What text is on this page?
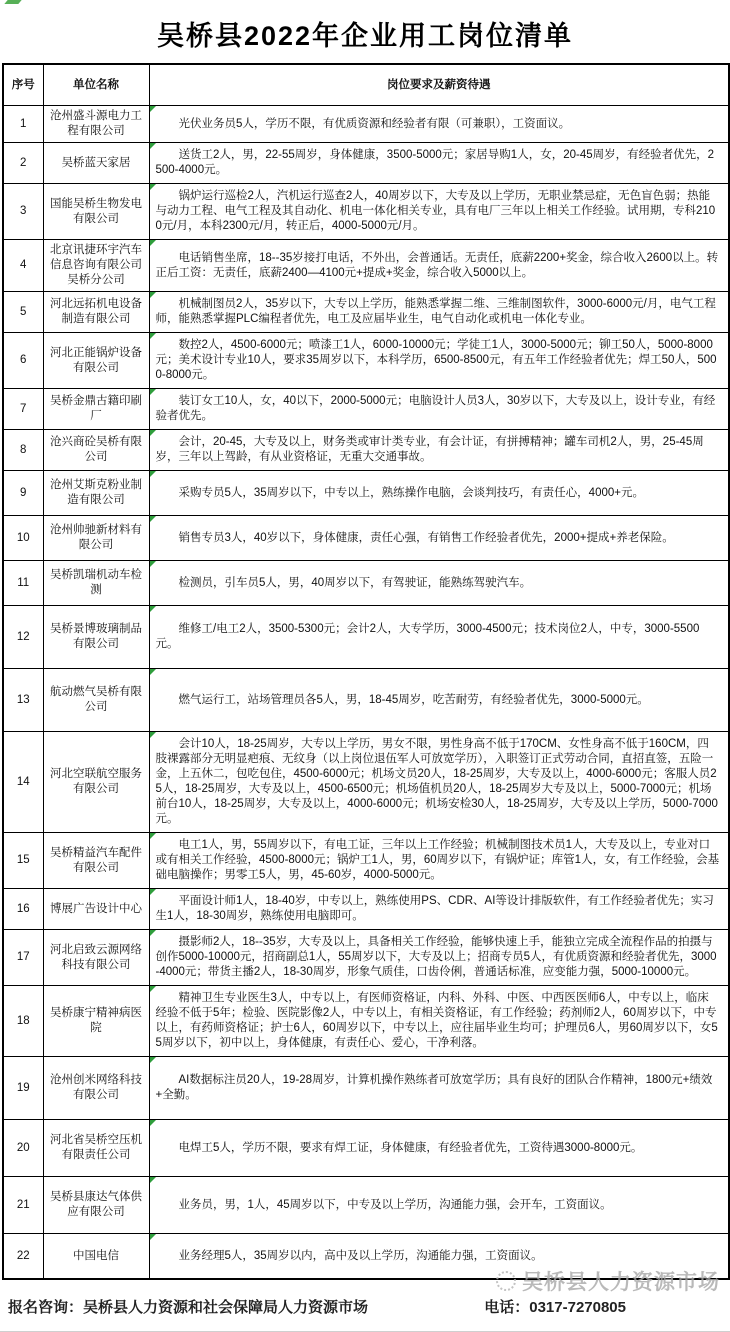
吴桥县2022年企业用工岗位清单
序号	单位名称	岗位要求及薪资待遇
1	沧州盛斗源电力工程有限公司	光伏业务员5人，学历不限，有优质资源和经验者有限（可兼职），工资面议。

2	吴桥蓝天家居	送货工2人，男，22-55周岁，身体健康，3500-5000元；家居导购1人，女，20-45周岁，有经验者优先，2500-4000元。

3	国能吴桥生物发电有限公司	锅炉运行巡检2人，汽机运行巡查2人，40周岁以下，大专及以上学历，无职业禁忌症，无色盲色弱；热能与动力工程、电气工程及其自动化、机电一体化相关专业，具有电厂三年以上相关工作经验。试用期，专科2100元/月，本科2300元/月，转正后，4000-5000元/月。

4	北京讯捷环宇汽车信息咨询有限公司吴桥分公司	电话销售坐席，18--35岁接打电话，不外出，会普通话。无责任，底薪2200+奖金，综合收入2600以上。转正后工资：无责任，底薪2400—4100元+提成+奖金，综合收入5000以上。

5	河北远拓机电设备制造有限公司	机械制图员2人，35岁以下，大专以上学历，能熟悉掌握二维、三维制图软件，3000-6000元/月，电气工程师，能熟悉掌握PLC编程者优先，电工及应届毕业生，电气自动化或机电一体化专业。

6	河北正能锅炉设备有限公司	数控2人，4500-6000元；喷漆工1人，6000-10000元；学徒工1人，3000-5000元；铆工50人，5000-8000元；美术设计专业10人，要求35周岁以下，本科学历，6500-8500元，有五年工作经验者优先；焊工50人，5000-8000元。

7	吴桥金鼎古籍印刷厂	装订女工10人，女，40以下，2000-5000元；电脑设计人员3人，30岁以下，大专及以上，设计专业，有经验者优先。

8	沧兴商砼吴桥有限公司	会计，20-45，大专及以上，财务类或审计类专业，有会计证，有拼搏精神；罐车司机2人，男，25-45周岁，三年以上驾龄，有从业资格证，无重大交通事故。

9	沧州艾斯克粉业制造有限公司	采购专员5人，35周岁以下，中专以上，熟练操作电脑，会谈判技巧，有责任心，4000+元。

10	沧州帅驰新材料有限公司	销售专员3人，40岁以下，身体健康，责任心强，有销售工作经验者优先，2000+提成+养老保险。

11	吴桥凯瑞机动车检测	检测员，引车员5人，男，40周岁以下，有驾驶证，能熟练驾驶汽车。

12	吴桥景博玻璃制品有限公司	维修工/电工2人，3500-5300元；会计2人，大专学历，3000-4500元；技术岗位2人，中专，3000-5500元。

13	航动燃气吴桥有限公司	燃气运行工，站场管理员各5人，男，18-45周岁，吃苦耐劳，有经验者优先，3000-5000元。

14	河北空联航空服务有限公司	会计10人，18-25周岁，大专以上学历，男女不限，男性身高不低于170CM、女性身高不低于160CM，四肢裸露部分无明显疤痕、无纹身（以上岗位退伍军人可放宽学历），入职签订正式劳动合同，直招直签，五险一金，上五休二，包吃包住，4500-6000元；机场文员20人，18-25周岁，大专及以上，4000-6000元；客服人员25人，18-25周岁，大专及以上，4500-6500元；机场值机员20人，18-25周岁大专及以上，5000-7000元；机场前台10人，18-25周岁，大专及以上，4000-6000元；机场安检30人，18-25周岁，大专及以上学历，5000-7000元。

15	吴桥精益汽车配件有限公司	电工1人，男，55周岁以下，有电工证，三年以上工作经验；机械制图技术员1人，大专及以上，专业对口或有相关工作经验，4500-8000元；锅炉工1人，男，60周岁以下，有锅炉证；库管1人，女，有工作经验，会基础电脑操作；男零工5人，男，45-60岁，4000-5000元。

16	博展广告设计中心	平面设计师1人，18-40岁，中专以上，熟练使用PS、CDR、AI等设计排版软件，有工作经验者优先；实习生1人，18-30周岁，熟练使用电脑即可。

17	河北启致云源网络科技有限公司	摄影师2人，18--35岁，大专及以上，具备相关工作经验，能够快速上手，能独立完成全流程作品的拍摄与创作5000-10000元，招商副总1人，55周岁以下，大专及以上；招商专员5人，有优质资源和经验者优先，3000-4000元；带货主播2人，18-30周岁，形象气质佳，口齿伶俐，普通话标准，应变能力强，5000-10000元。

18	吴桥康宁精神病医院	精神卫生专业医生3人，中专以上，有医师资格证，内科、外科、中医、中西医医师6人，中专以上，临床经验不低于5年；检验、医院影像2人，中专以上，有相关资格证，有工作经验；药剂师2人，60周岁以下，中专以上，有药师资格证；护士6人，60周岁以下，中专以上，应往届毕业生均可；护理员6人，男60周岁以下，女55周岁以下，初中以上，身体健康，有责任心、爱心，干净利落。

19	沧州创米网络科技有限公司	AI数据标注员20人，19-28周岁，计算机操作熟练者可放宽学历；具有良好的团队合作精神，1800元+绩效+全勤。

20	河北省吴桥空压机有限责任公司	电焊工5人，学历不限，要求有焊工证，身体健康，有经验者优先，工资待遇3000-8000元。

21	吴桥县康达气体供应有限公司	业务员，男，1人，45周岁以下，中专及以上学历，沟通能力强，会开车，工资面议。

22	中国电信	业务经理5人，35周岁以内，高中及以上学历，沟通能力强，工资面议。

吴桥县人力资源市场
报名咨询：吴桥县人力资源和社会保障局人力资源市场	电话：0317-7270805
